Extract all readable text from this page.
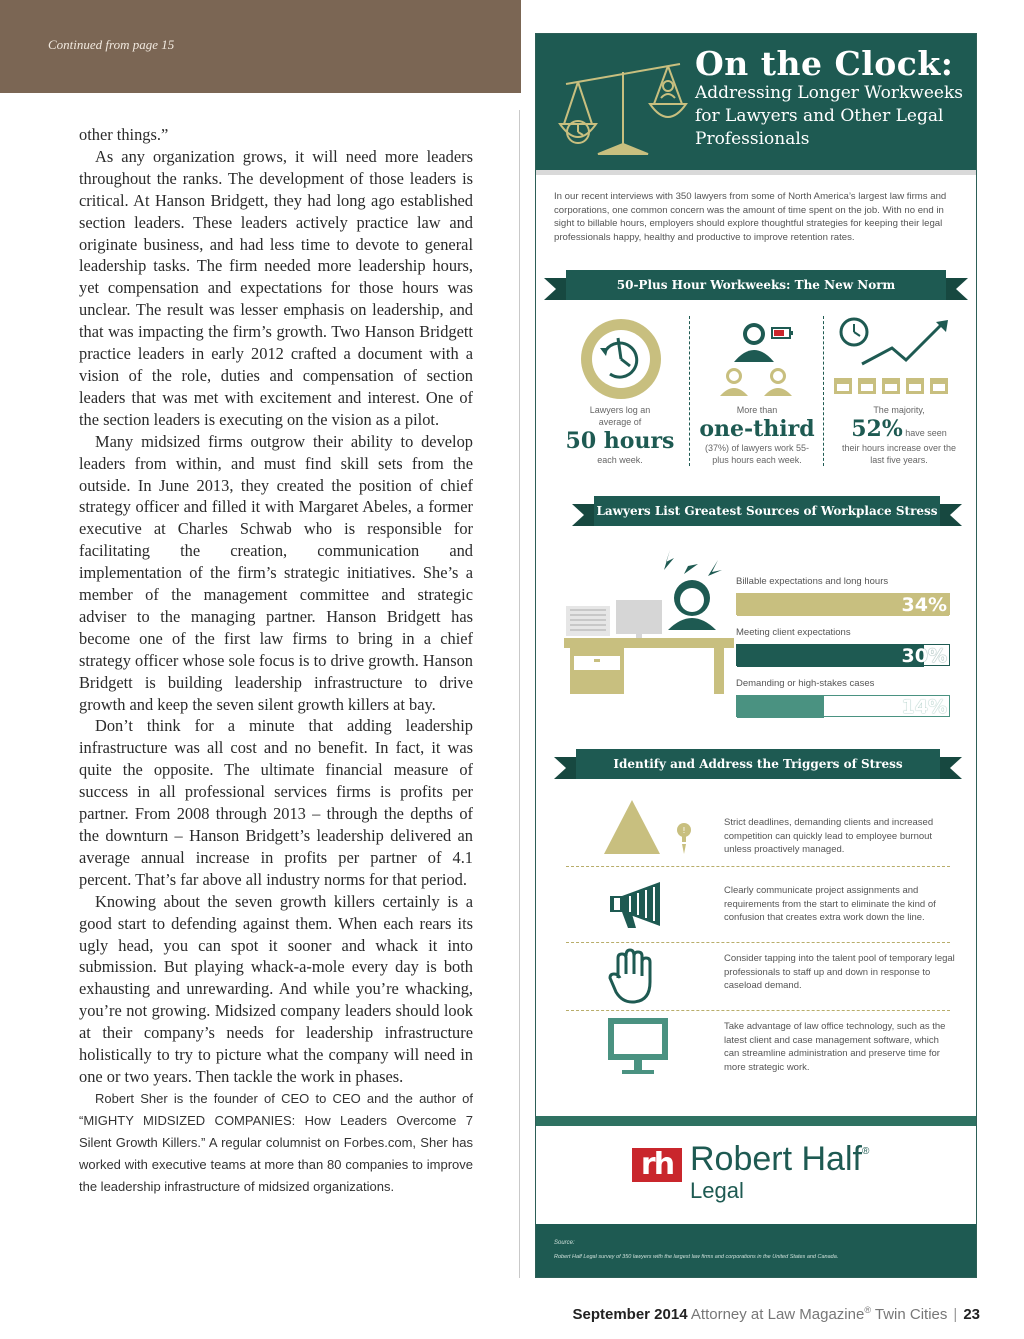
Continued from page 15

other things.”

As any organization grows, it will need more leaders throughout the ranks. The development of those leaders is critical. At Hanson Bridgett, they had long ago established section leaders. These leaders actively practice law and originate business, and had less time to devote to general leadership tasks. The firm needed more leadership hours, yet compensation and expectations for those hours was unclear. The result was lesser emphasis on leadership, and that was impacting the firm’s growth. Two Hanson Bridgett practice leaders in early 2012 crafted a document with a vision of the role, duties and compensation of section leaders that was met with excitement and interest. One of the section leaders is executing on the vision as a pilot.

Many midsized firms outgrow their ability to develop leaders from within, and must find skill sets from the outside. In June 2013, they created the position of chief strategy officer and filled it with Margaret Abeles, a former executive at Charles Schwab who is responsible for facilitating the creation, communication and implementation of the firm’s strategic initiatives. She’s a member of the management committee and strategic adviser to the managing partner. Hanson Bridgett has become one of the first law firms to bring in a chief strategy officer whose sole focus is to drive growth. Hanson Bridgett is building leadership infrastructure to drive growth and keep the seven silent growth killers at bay.

Don’t think for a minute that adding leadership infrastructure was all cost and no benefit. In fact, it was quite the opposite. The ultimate financial measure of success in all professional services firms is profits per partner. From 2008 through 2013 – through the depths of the downturn – Hanson Bridgett’s leadership delivered an average annual increase in profits per partner of 4.1 percent. That’s far above all industry norms for that period.

Knowing about the seven growth killers certainly is a good start to defending against them. When each rears its ugly head, you can spot it sooner and whack it into submission. But playing whack-a-mole every day is both exhausting and unrewarding. And while you’re whacking, you’re not growing. Midsized company leaders should look at their company’s needs for leadership infrastructure holistically to try to picture what the company will need in one or two years. Then tackle the work in phases.

Robert Sher is the founder of CEO to CEO and the author of “MIGHTY MIDSIZED COMPANIES: How Leaders Overcome 7 Silent Growth Killers.” A regular columnist on Forbes.com, Sher has worked with executive teams at more than 80 companies to improve the leadership infrastructure of midsized organizations.

On the Clock:
Addressing Longer Workweeks for Lawyers and Other Legal Professionals
In our recent interviews with 350 lawyers from some of North America’s largest law firms and corporations, one common concern was the amount of time spent on the job. With no end in sight to billable hours, employers should explore thoughtful strategies for keeping their legal professionals happy, healthy and productive to improve retention rates.
50-Plus Hour Workweeks: The New Norm
Lawyers log an average of
50 hours
each week.
More than
one-third
(37%) of lawyers work 55-plus hours each week.
The majority,
52% have seen
their hours increase over the last five years.
Lawyers List Greatest Sources of Workplace Stress
Billable expectations and long hours
34%
Meeting client expectations
30%
Demanding or high-stakes cases
14%
Identify and Address the Triggers of Stress
!
Strict deadlines, demanding clients and increased competition can quickly lead to employee burnout unless proactively managed.
Clearly communicate project assignments and requirements from the start to eliminate the kind of confusion that creates extra work down the line.
Consider tapping into the talent pool of temporary legal professionals to staff up and down in response to caseload demand.
Take advantage of law office technology, such as the latest client and case management software, which can streamline administration and preserve time for more strategic work.
rh Robert Half®
Legal
Source:
Robert Half Legal survey of 350 lawyers with the largest law firms and corporations in the United States and Canada.
September 2014 Attorney at Law Magazine® Twin Cities | 23
